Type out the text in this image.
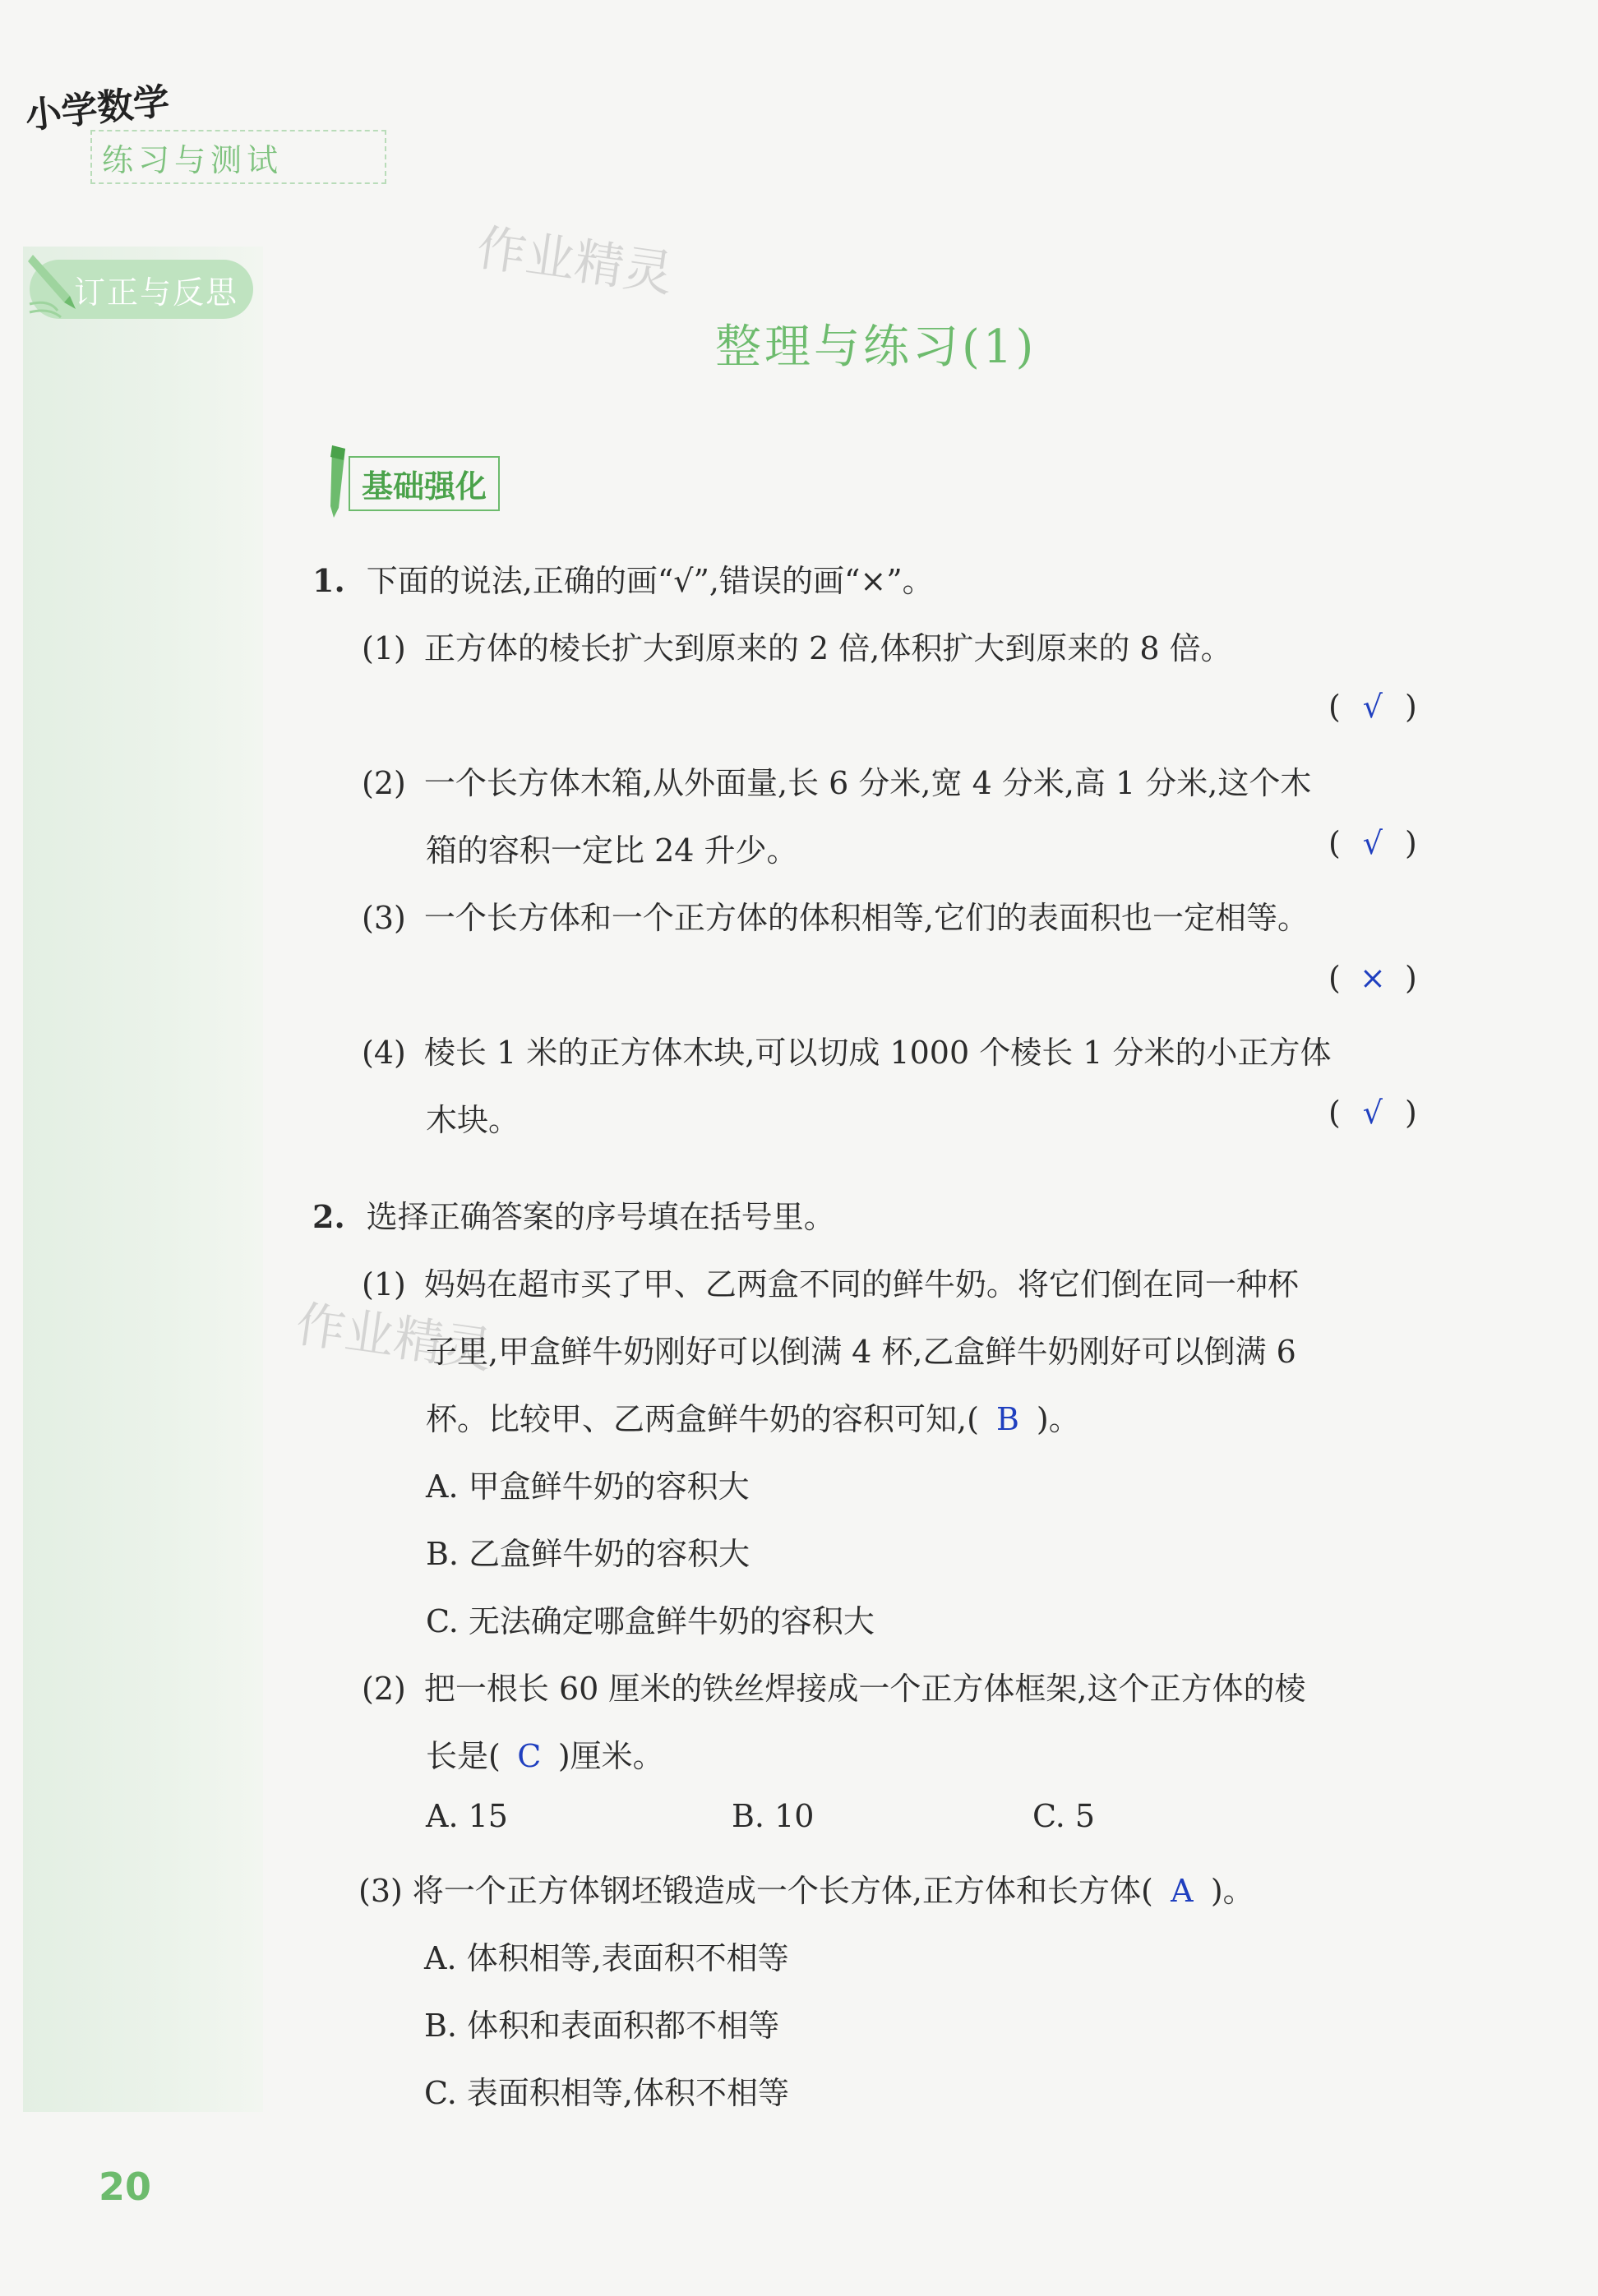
小学数学
练习与测试
订正与反思	作业精灵
作业精灵
整理与练习(1)
基础强化
1. 下面的说法,正确的画“√”,错误的画“×”。
(1) 正方体的棱长扩大到原来的 2 倍,体积扩大到原来的 8 倍。
( √ )
(2) 一个长方体木箱,从外面量,长 6 分米,宽 4 分米,高 1 分米,这个木
箱的容积一定比 24 升少。	( √ )
(3) 一个长方体和一个正方体的体积相等,它们的表面积也一定相等。
( × )
(4) 棱长 1 米的正方体木块,可以切成 1000 个棱长 1 分米的小正方体
木块。	( √ )
2. 选择正确答案的序号填在括号里。
(1) 妈妈在超市买了甲、乙两盒不同的鲜牛奶。将它们倒在同一种杯
子里,甲盒鲜牛奶刚好可以倒满 4 杯,乙盒鲜牛奶刚好可以倒满 6
杯。比较甲、乙两盒鲜牛奶的容积可知,( B )。
A. 甲盒鲜牛奶的容积大
B. 乙盒鲜牛奶的容积大
C. 无法确定哪盒鲜牛奶的容积大
(2) 把一根长 60 厘米的铁丝焊接成一个正方体框架,这个正方体的棱
长是( C )厘米。
A. 15	B. 10	C. 5
(3) 将一个正方体钢坯锻造成一个长方体,正方体和长方体( A )。
A. 体积相等,表面积不相等
B. 体积和表面积都不相等
C. 表面积相等,体积不相等
20
